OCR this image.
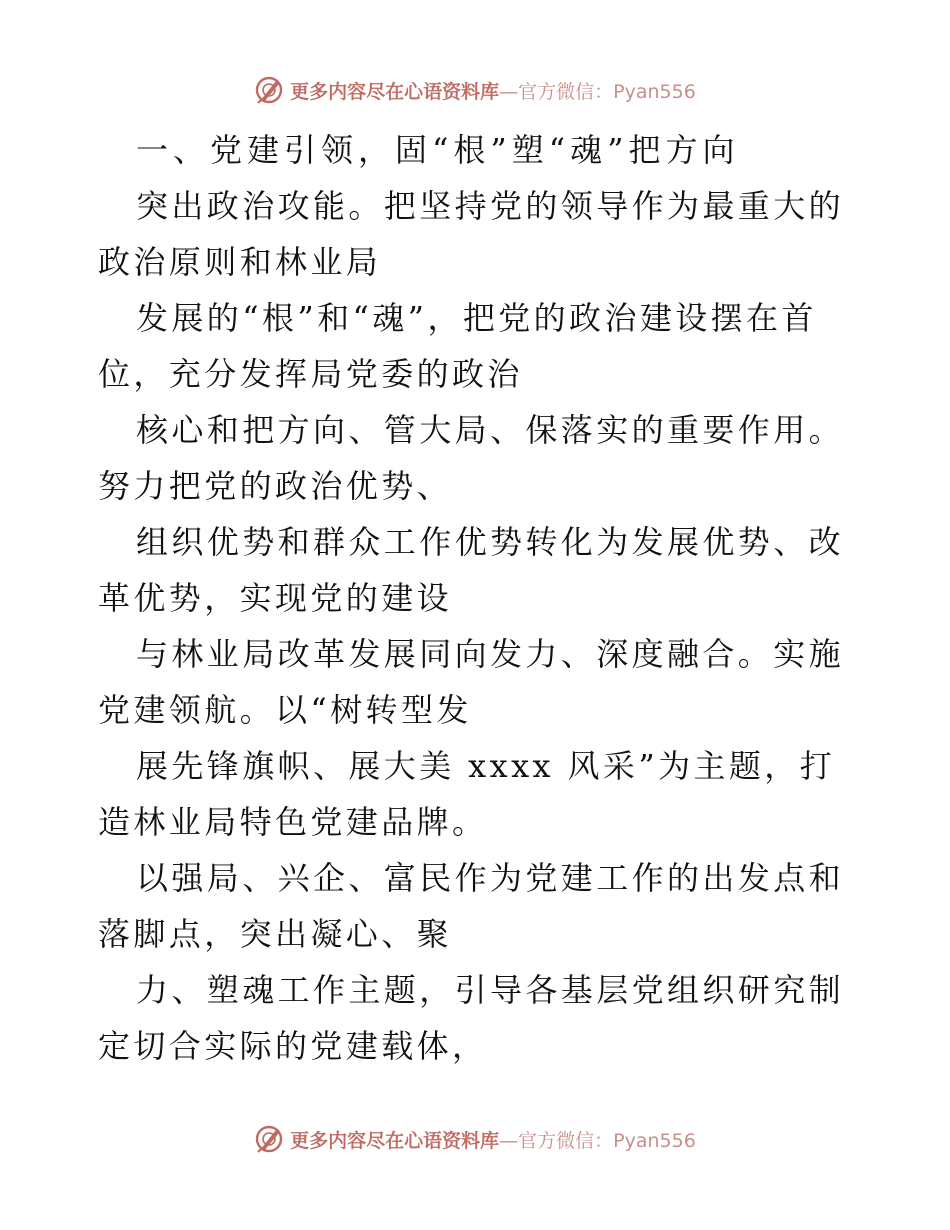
更多内容尽在心语资料库—官方微信：Pyan556

一、党建引领，固“根”塑“魂”把方向

突出政治攻能。把坚持党的领导作为最重大的政治原则和林业局

发展的“根”和“魂”，把党的政治建设摆在首位，充分发挥局党委的政治

核心和把方向、管大局、保落实的重要作用。努力把党的政治优势、

组织优势和群众工作优势转化为发展优势、改革优势，实现党的建设

与林业局改革发展同向发力、深度融合。实施党建领航。以“树转型发

展先锋旗帜、展大美 xxxx 风采”为主题，打造林业局特色党建品牌。

以强局、兴企、富民作为党建工作的出发点和落脚点，突出凝心、聚

力、塑魂工作主题，引导各基层党组织研究制定切合实际的党建载体，

更多内容尽在心语资料库—官方微信：Pyan556
